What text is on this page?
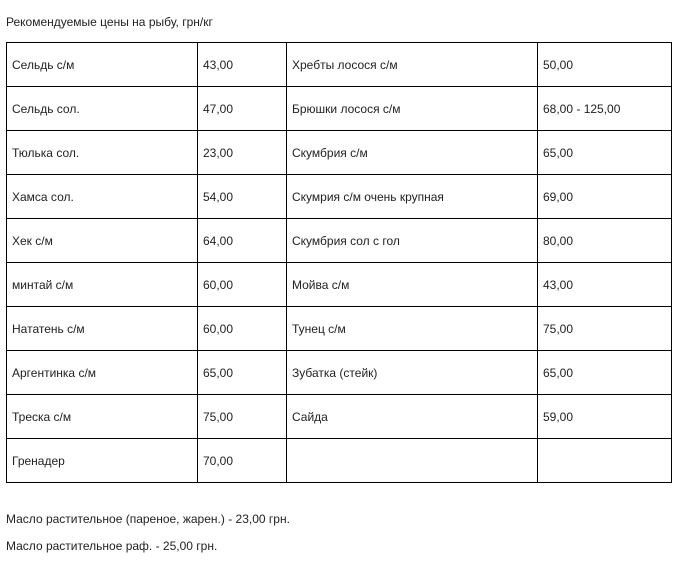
Рекомендуемые цены на рыбу, грн/кг
Сельдь с/м	43,00	Хребты лосося с/м	50,00
Сельдь сол.	47,00	Брюшки лосося с/м	68,00 - 125,00
Тюлька сол.	23,00	Скумбрия с/м	65,00
Хамса сол.	54,00	Скумрия с/м очень крупная	69,00
Хек с/м	64,00	Скумбрия сол с гол	80,00
минтай с/м	60,00	Мойва с/м	43,00
Нататень с/м	60,00	Тунец с/м	75,00
Аргентинка с/м	65,00	Зубатка (стейк)	65,00
Треска с/м	75,00	Сайда	59,00
Гренадер	70,00		
Масло растительное (пареное, жарен.) - 23,00 грн.
Масло растительное раф. - 25,00 грн.
